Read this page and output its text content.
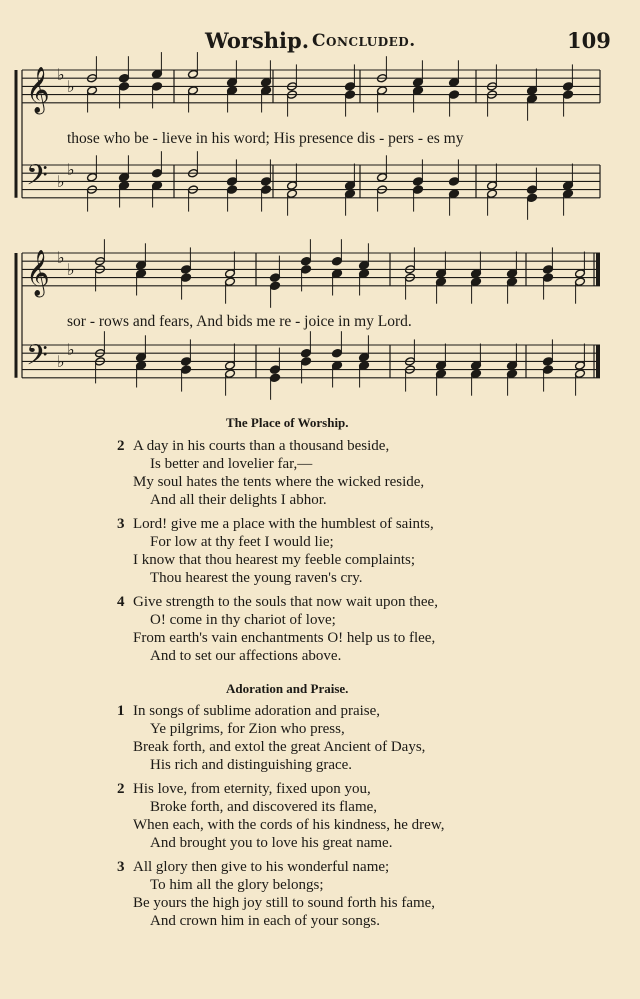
Worship. Concluded.	109
𝄞 ♭
♭
𝄢 ♭
♭
𝄞 ♭
♭
𝄢 ♭
♭
those who be - lieve in his word; His presence dis - pers - es my
sor - rows and fears, And bids me re - joice in my Lord.
The Place of Worship.
2 A day in his courts than a thousand beside,
Is better and lovelier far,—
My soul hates the tents where the wicked reside,
And all their delights I abhor.
3 Lord! give me a place with the humblest of saints,
For low at thy feet I would lie;
I know that thou hearest my feeble complaints;
Thou hearest the young raven's cry.
4 Give strength to the souls that now wait upon thee,
O! come in thy chariot of love;
From earth's vain enchantments O! help us to flee,
And to set our affections above.
Adoration and Praise.
1 In songs of sublime adoration and praise,
Ye pilgrims, for Zion who press,
Break forth, and extol the great Ancient of Days,
His rich and distinguishing grace.
2 His love, from eternity, fixed upon you,
Broke forth, and discovered its flame,
When each, with the cords of his kindness, he drew,
And brought you to love his great name.
3 All glory then give to his wonderful name;
To him all the glory belongs;
Be yours the high joy still to sound forth his fame,
And crown him in each of your songs.
